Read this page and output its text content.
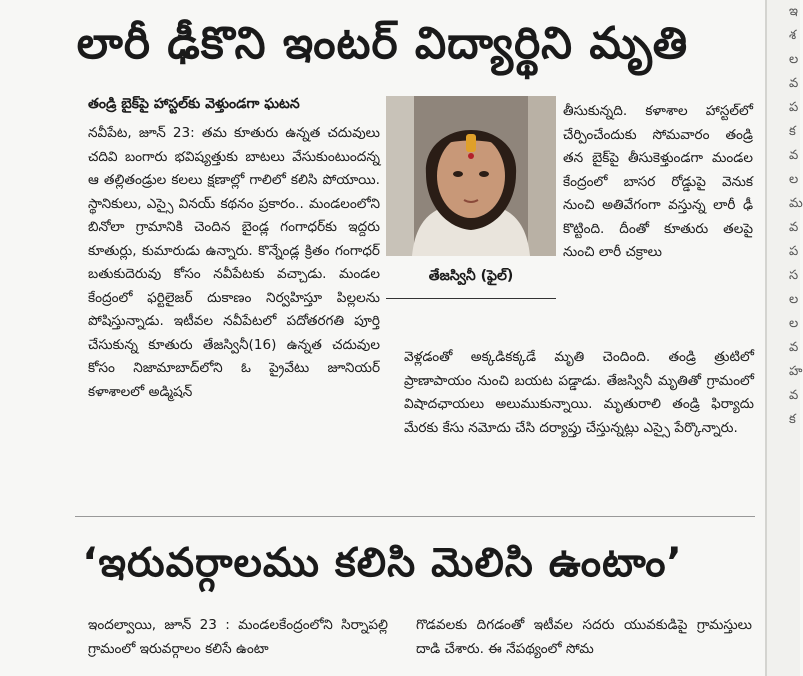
లారీ ఢీకొని ఇంటర్ విద్యార్థిని మృతి
తండ్రి బైక్‌పై హాస్టల్‌కు వెళ్తుండగా ఘటన

నవీపేట, జూన్ 23: తమ కూతురు ఉన్నత చదువులు చదివి బంగారు భవిష్యత్తుకు బాటలు వేసుకుంటుందన్న ఆ తల్లితండ్రుల కలలు క్షణాల్లో గాలిలో కలిసి పోయాయి. స్థానికులు, ఎస్సై వినయ్ కథనం ప్రకారం.. మండలంలోని బినోలా గ్రామానికి చెందిన బైండ్ల గంగాధర్‌కు ఇద్దరు కూతుర్లు, కుమారుడు ఉన్నారు. కొన్నేండ్ల క్రితం గంగాధర్ బతుకుదెరువు కోసం నవీపేటకు వచ్చాడు. మండల కేంద్రంలో ఫర్టిలైజర్ దుకాణం నిర్వహిస్తూ పిల్లలను పోషిస్తున్నాడు. ఇటీవల నవీపేటలో పదోతరగతి పూర్తి చేసుకున్న కూతురు తేజస్వినీ(16) ఉన్నత చదువుల కోసం నిజామాబాద్‌లోని ఓ ప్రైవేటు జూనియర్ కళాశాలలో అడ్మిషన్

తేజస్వినీ (ఫైల్)

తీసుకున్నది. కళాశాల హాస్టల్‌లో చేర్పించేందుకు సోమవారం తండ్రి తన బైక్‌పై తీసుకెళ్తుండగా మండల కేంద్రంలో బాసర రోడ్డుపై వెనుక నుంచి అతివేగంగా వస్తున్న లారీ ఢీ కొట్టింది. దీంతో కూతురు తలపై నుంచి లారీ చక్రాలు

వెళ్లడంతో అక్కడికక్కడే మృతి చెందింది. తండ్రి త్రుటిలో ప్రాణాపాయం నుంచి బయట పడ్డాడు. తేజస్వినీ మృతితో గ్రామంలో విషాదఛాయలు అలుముకున్నాయి. మృతురాలి తండ్రి ఫిర్యాదు మేరకు కేసు నమోదు చేసి దర్యాప్తు చేస్తున్నట్లు ఎస్సై పేర్కొన్నారు.

‘ఇరువర్గాలము కలిసి మెలిసి ఉంటాం’

ఇందల్వాయి, జూన్ 23 : మండలకేంద్రంలోని సిర్నాపల్లి గ్రామంలో ఇరువర్గాలం కలిసే ఉంటా

గొడవలకు దిగడంతో ఇటీవల సదరు యువకుడిపై గ్రామస్తులు దాడి చేశారు. ఈ నేపథ్యంలో సోమ

ఇ
శ
ల
వ
ప
క
వ
ల
మ
వ
ప
స
ల
ల
వ
హ
వ
క
